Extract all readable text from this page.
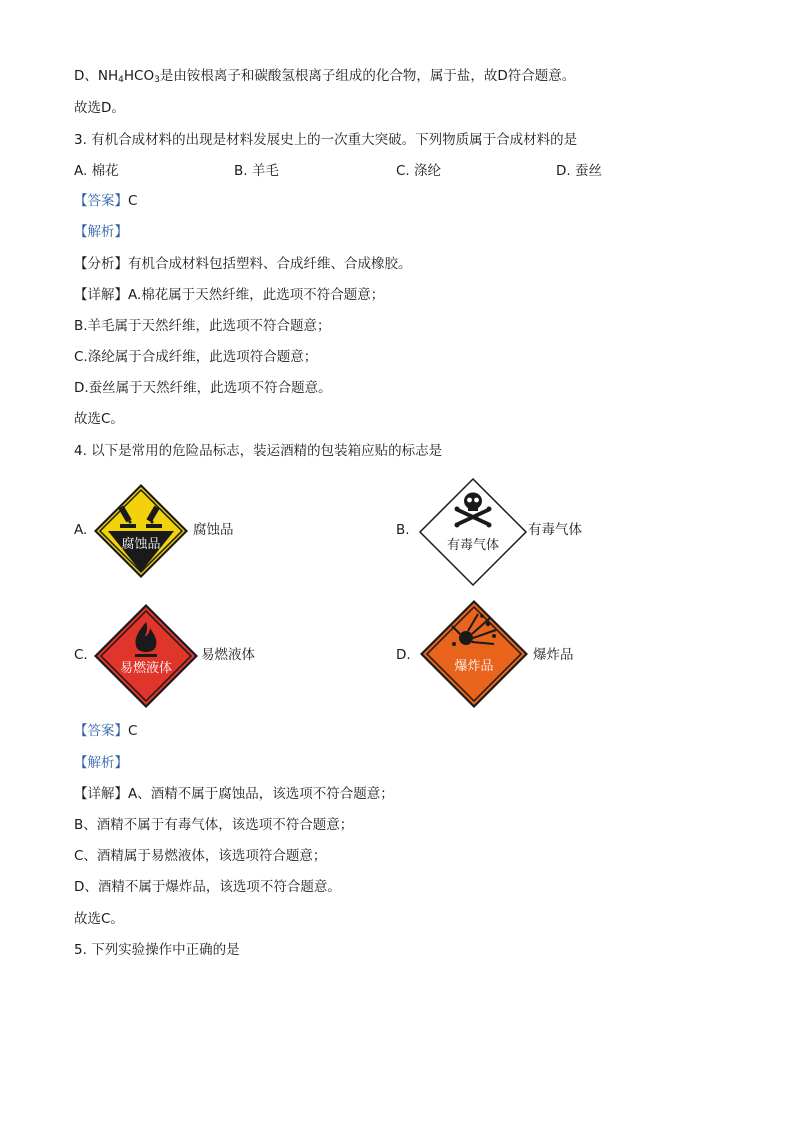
D、$NH_4HCO_3$是由铵根离子和碳酸氢根离子组成的化合物，属于盐，故D符合题意。
故选D。
3. 有机合成材料的出现是材料发展史上的一次重大突破。下列物质属于合成材料的是
A. 棉花	B. 羊毛	C. 涤纶	D. 蚕丝
【答案】C
【解析】
【分析】有机合成材料包括塑料、合成纤维、合成橡胶。
【详解】A.棉花属于天然纤维，此选项不符合题意；
B.羊毛属于天然纤维，此选项不符合题意；
C.涤纶属于合成纤维，此选项符合题意；
D.蚕丝属于天然纤维，此选项不符合题意。
故选C。
4. 以下是常用的危险品标志，装运酒精的包装箱应贴的标志是
A.
腐蚀品
腐蚀品	B.
有毒气体
有毒气体
C.
易燃液体
易燃液体	D.
爆炸品
爆炸品
【答案】C
【解析】
【详解】A、酒精不属于腐蚀品，该选项不符合题意；
B、酒精不属于有毒气体，该选项不符合题意；
C、酒精属于易燃液体，该选项符合题意；
D、酒精不属于爆炸品，该选项不符合题意。
故选C。
5. 下列实验操作中正确的是
